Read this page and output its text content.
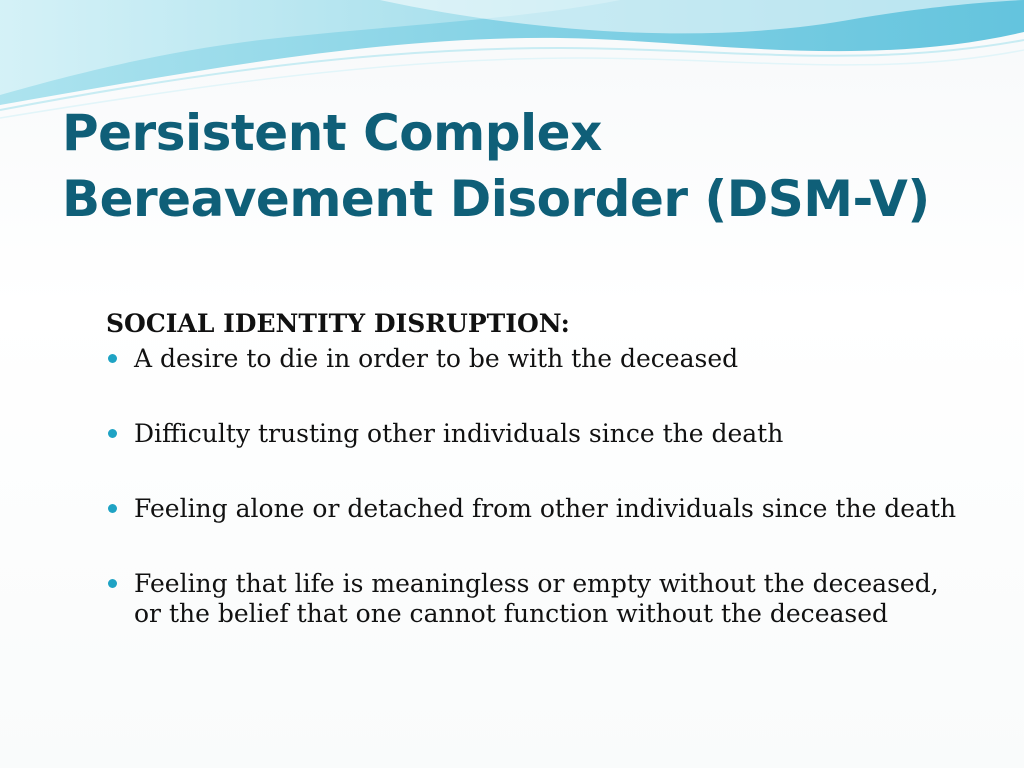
Persistent Complex Bereavement Disorder (DSM-V)
SOCIAL IDENTITY DISRUPTION:
A desire to die in order to be with the deceased
Difficulty trusting other individuals since the death
Feeling alone or detached from other individuals since the death
Feeling that life is meaningless or empty without the deceased, or the belief that one cannot function without the deceased
